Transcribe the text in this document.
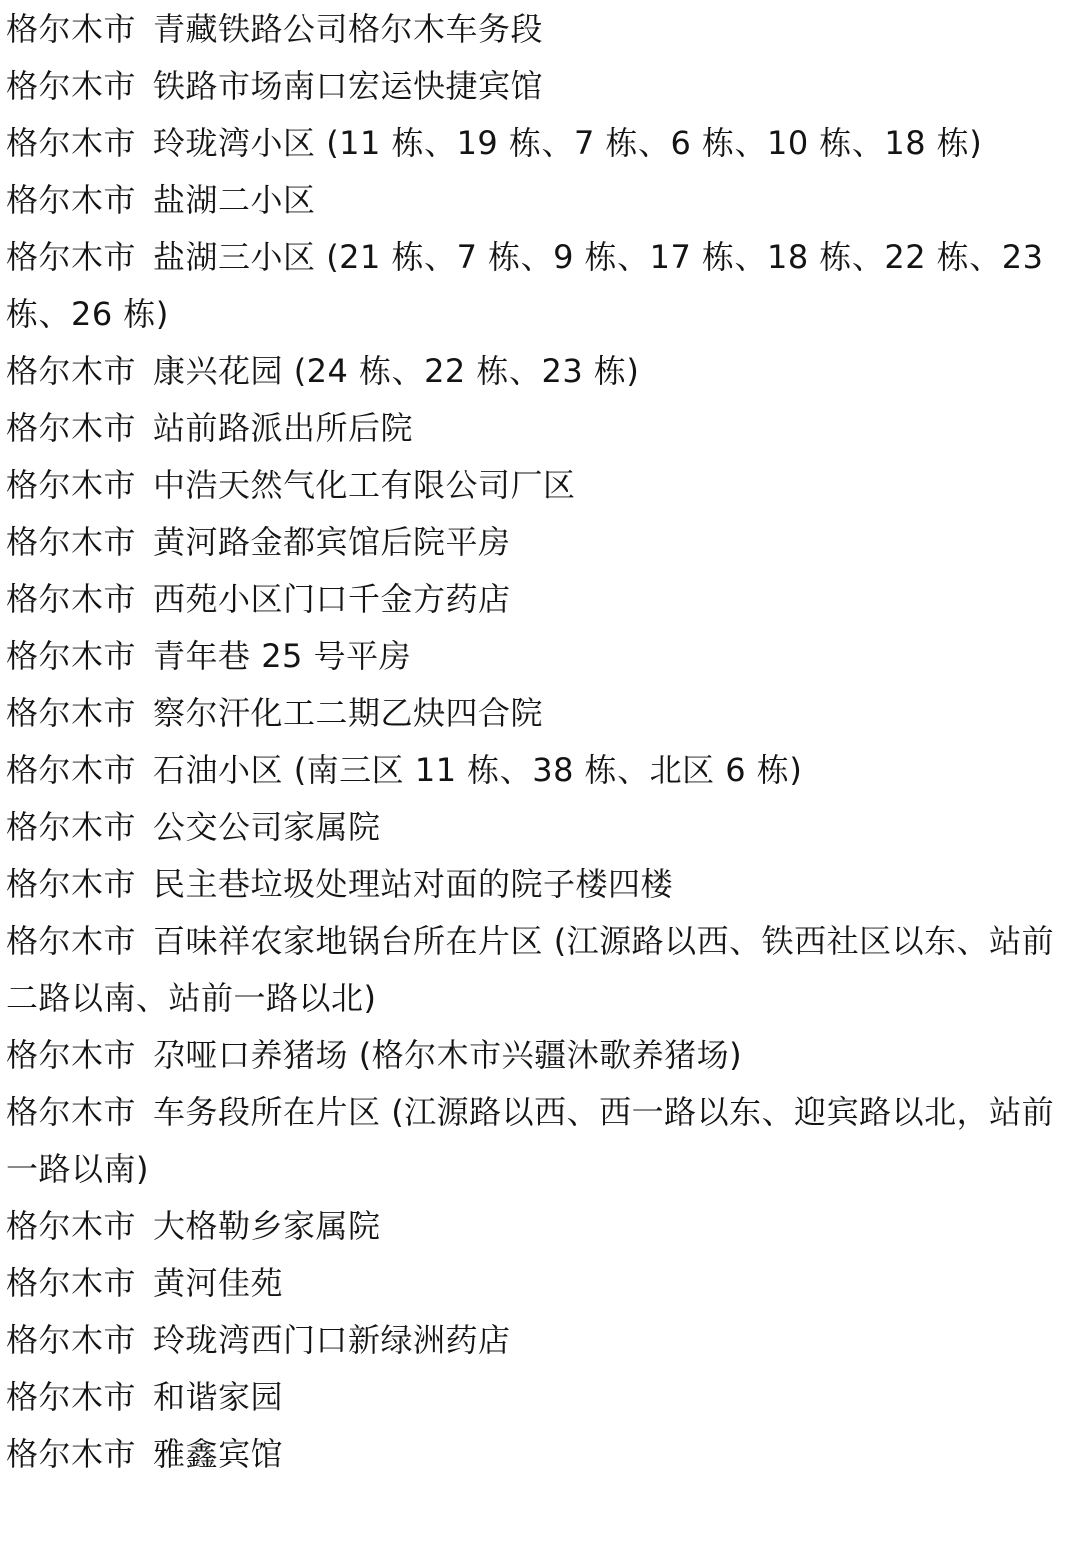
格尔木市 青藏铁路公司格尔木车务段

格尔木市 铁路市场南口宏运快捷宾馆

格尔木市 玲珑湾小区 (11 栋、19 栋、7 栋、6 栋、10 栋、18 栋)

格尔木市 盐湖二小区

格尔木市 盐湖三小区 (21 栋、7 栋、9 栋、17 栋、18 栋、22 栋、23 栋、26 栋)

格尔木市 康兴花园 (24 栋、22 栋、23 栋)

格尔木市 站前路派出所后院

格尔木市 中浩天然气化工有限公司厂区

格尔木市 黄河路金都宾馆后院平房

格尔木市 西苑小区门口千金方药店

格尔木市 青年巷 25 号平房

格尔木市 察尔汗化工二期乙炔四合院

格尔木市 石油小区 (南三区 11 栋、38 栋、北区 6 栋)

格尔木市 公交公司家属院

格尔木市 民主巷垃圾处理站对面的院子楼四楼

格尔木市 百味祥农家地锅台所在片区 (江源路以西、铁西社区以东、站前二路以南、站前一路以北)

格尔木市 尕哑口养猪场 (格尔木市兴疆沐歌养猪场)

格尔木市 车务段所在片区 (江源路以西、西一路以东、迎宾路以北，站前一路以南)

格尔木市 大格勒乡家属院

格尔木市 黄河佳苑

格尔木市 玲珑湾西门口新绿洲药店

格尔木市 和谐家园

格尔木市 雅鑫宾馆
